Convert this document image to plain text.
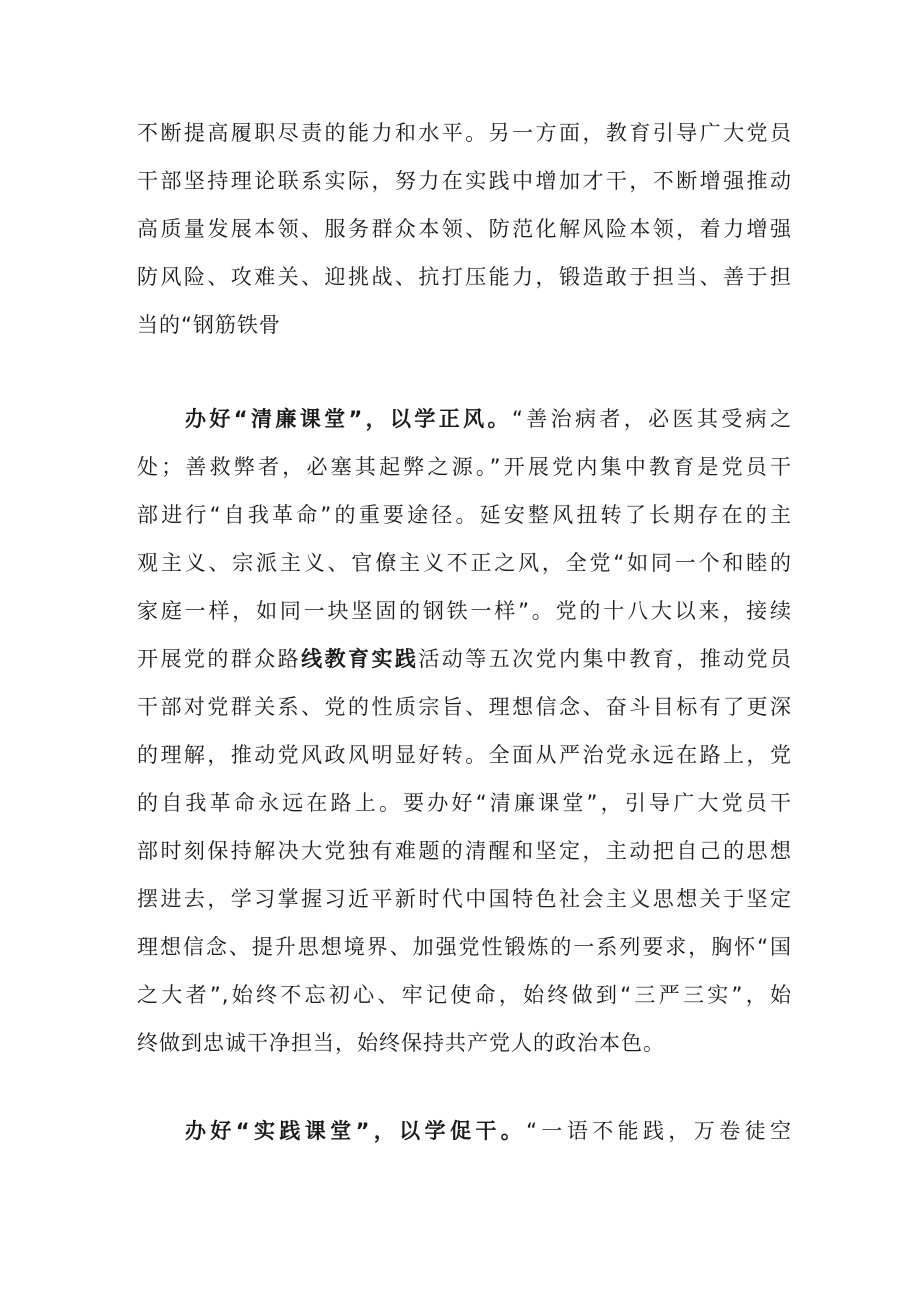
不断提高履职尽责的能力和水平。另一方面，教育引导广大党员
干部坚持理论联系实际，努力在实践中增加才干，不断增强推动
高质量发展本领、服务群众本领、防范化解风险本领，着力增强
防风险、攻难关、迎挑战、抗打压能力，锻造敢于担当、善于担
当的“钢筋铁骨
办好“清廉课堂”，以学正风。“善治病者，必医其受病之
处；善救弊者，必塞其起弊之源。”开展党内集中教育是党员干
部进行“自我革命”的重要途径。延安整风扭转了长期存在的主
观主义、宗派主义、官僚主义不正之风，全党“如同一个和睦的
家庭一样，如同一块坚固的钢铁一样”。党的十八大以来，接续
开展党的群众路线教育实践活动等五次党内集中教育，推动党员
干部对党群关系、党的性质宗旨、理想信念、奋斗目标有了更深
的理解，推动党风政风明显好转。全面从严治党永远在路上，党
的自我革命永远在路上。要办好“清廉课堂”，引导广大党员干
部时刻保持解决大党独有难题的清醒和坚定，主动把自己的思想
摆进去，学习掌握习近平新时代中国特色社会主义思想关于坚定
理想信念、提升思想境界、加强党性锻炼的一系列要求，胸怀“国
之大者”,始终不忘初心、牢记使命，始终做到“三严三实”，始
终做到忠诚干净担当，始终保持共产党人的政治本色。
办好“实践课堂”，以学促干。“一语不能践，万卷徒空
